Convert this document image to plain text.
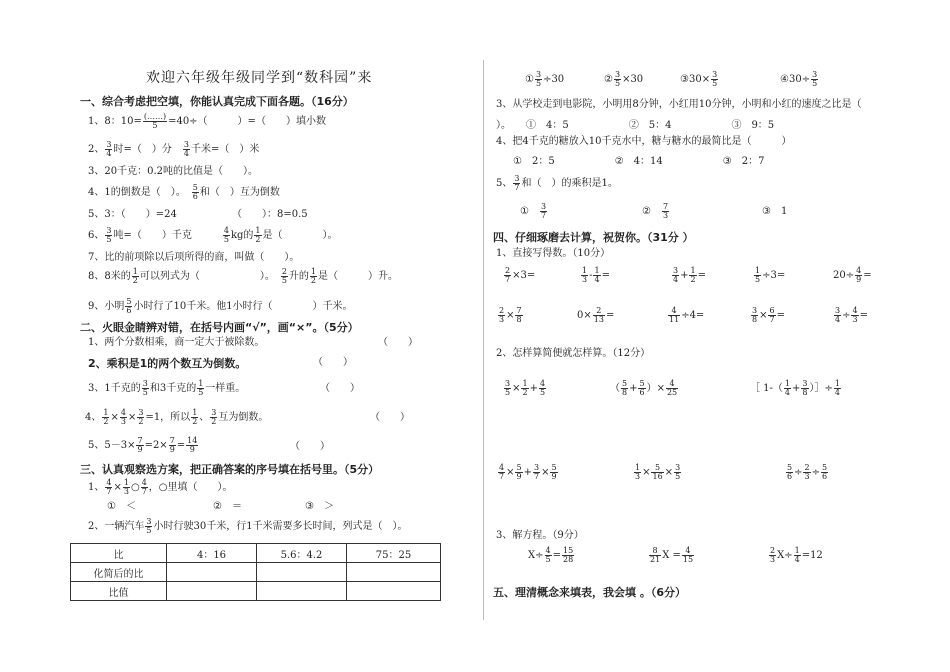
欢迎六年级年级同学到“数科园”来
一、综合考虑把空填，你能认真完成下面各题。（16分）
1、8：$10= \frac{(\dots\dots)}{5} =40\div$（　　　）=（　　）填小数
2、 $\frac{3}{4}$ 时=（　）分　 $\frac{3}{4}$ 千米=（　）米
3、20千克：0.2吨的比值是（　　）。
4、1的倒数是（　）。　 $\frac{5}{6}$ 和（　）互为倒数
5、3：（　　）=24	（　　）：8=0.5
6、 $\frac{3}{5}$ 吨=（　　）千克　　　	$\frac{4}{5}$ kg的 $\frac{1}{2}$ 是（　　　　）。
7、比的前项除以后项所得的商，叫做（　　）。
8、8米的 $\frac{1}{2}$ 可以列式为（　　　　　　）。　 $\frac{2}{5}$ 升的 $\frac{1}{2}$ 是（　　　）升。
9、小明 $\frac{5}{6}$ 小时行了10千米。他1小时行（　　　　）千米。
二、火眼金睛辨对错，在括号内画“√”，画“×”。（5分）
1、两个分数相乘，商一定大于被除数。	（　　）
2、乘积是1的两个数互为倒数。	（　　）
3、1千克的 $\frac{3}{5}$ 和3千克的 $\frac{1}{5}$ 一样重。	（　　）
4、 $\frac{1}{2} \times \frac{4}{3} \times \frac{3}{2} =1$，所以 $\frac{1}{2}$ 、 $\frac{3}{2}$ 互为倒数。	（　　）
5、$5-3\times \frac{7}{9} =2\times \frac{7}{9} = \frac{14}{9}$	（　　）
三、认真观察选方案，把正确答案的序号填在括号里。（5分）
1、 $\frac{4}{7} \times \frac{1}{3}$ ○ $\frac{4}{7}$ ，○里填（　　）。
①　＜	②　＝	③　＞
2、一辆汽车 $\frac{3}{5}$ 小时行驶30千米，行1千米需要多长时间，列式是（　）。
比	4：16	5.6：4.2	75：25
化简后的比			
比值			
① $\frac{3}{5} \div 30$	② $\frac{3}{5} \times 30$	③30× $\frac{3}{5}$	④30÷ $\frac{3}{5}$
3、从学校走到电影院，小明用8分钟，小红用10分钟，小明和小红的速度之比是（
）。　　①　4：5　　　　　　②　5：4　　　　　　③　9：5
4、把4千克的糖放入10千克水中，糖与糖水的最简比是（　　　）
①　2：5　　　　　　②　4：14　　　　　　③　2：7
5、 $\frac{3}{7}$ 和（　）的乘积是1。
①　 $\frac{3}{7}$	②　 $\frac{7}{3}$	③　1
四、仔细琢磨去计算，祝贺你。（31分 ）
1、直接写得数。（10分）
$\frac{2}{7} \times 3=$	$\frac{1}{3} - \frac{1}{4}$ =	$\frac{3}{4} + \frac{1}{2}$ =	$\frac{1}{5} \div 3=$	$20\div \frac{4}{9}$ =
$\frac{2}{3} \times \frac{7}{8}$	$0\times \frac{2}{13}$ =	$\frac{4}{11} \div 4=$	$\frac{3}{8} \times \frac{6}{7}$ =	$\frac{3}{4} \div \frac{4}{3}$ =
2、怎样算简便就怎样算。（12分）
$\frac{3}{5} \times \frac{1}{2} + \frac{4}{5}$	（ $\frac{5}{8} + \frac{5}{6}$ ）× $\frac{4}{25}$	［ $1-( \frac{1}{4} + \frac{3}{8}$ ）］÷ $\frac{1}{4}$
$\frac{4}{7} \times \frac{5}{9} + \frac{3}{7} \times \frac{5}{9}$	$\frac{1}{3} \times \frac{5}{16} \times \frac{3}{5}$	$\frac{5}{6} \div \frac{2}{3} \div \frac{5}{6}$
3、解方程。（9分）
$X\div \frac{4}{5} = \frac{15}{28}$	$\frac{8}{21}$ $X = \frac{4}{15}$	$\frac{2}{3} X\div \frac{1}{4} =12$
五、理清概念来填表，我会填 。（6分）
